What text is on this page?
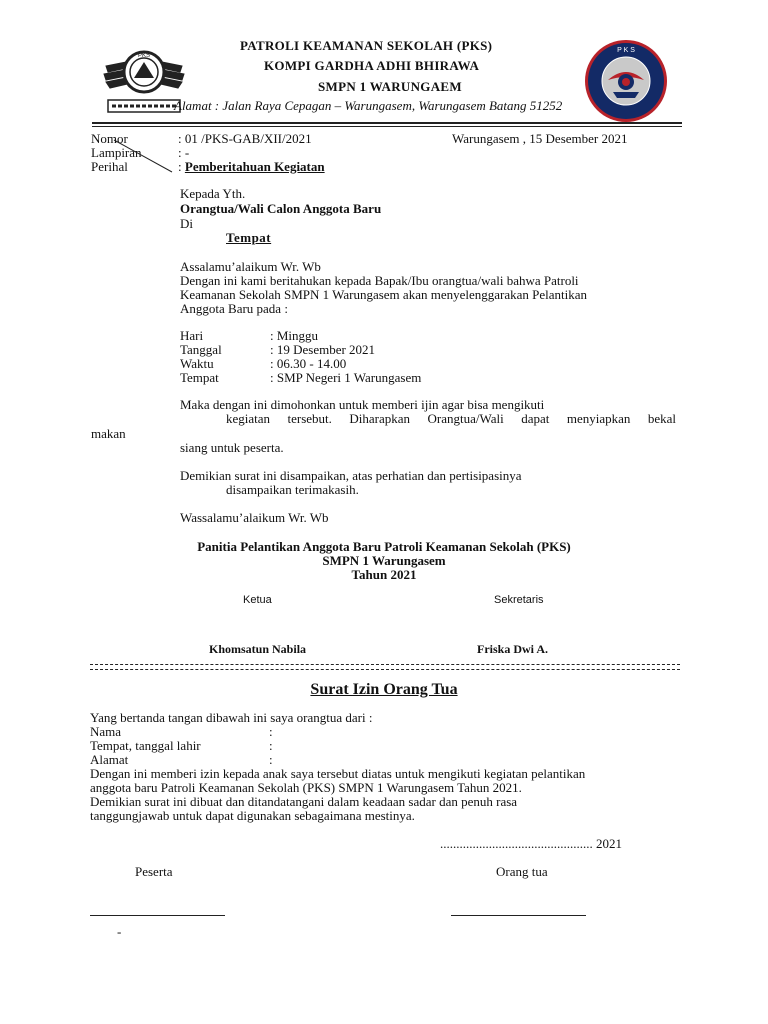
PKS
P K S
PATROLI KEAMANAN SEKOLAH (PKS)
KOMPI GARDHA ADHI BHIRAWA
SMPN 1 WARUNGAEM
Alamat : Jalan Raya Cepagan – Warungasem, Warungasem Batang 51252
Nomor	: 01 /PKS-GAB/XII/2021	Warungasem , 15 Desember 2021
Lampiran	: -
Perihal	: Pemberitahuan Kegiatan
Kepada Yth.
Orangtua/Wali Calon Anggota Baru
Di
Tempat
Assalamu’alaikum Wr. Wb
Dengan ini kami beritahukan kepada Bapak/Ibu orangtua/wali bahwa Patroli
Keamanan Sekolah SMPN 1 Warungasem akan menyelenggarakan Pelantikan
Anggota Baru pada :
Hari	: Minggu
Tanggal	: 19 Desember 2021
Waktu	: 06.30 - 14.00
Tempat	: SMP Negeri 1 Warungasem
Maka dengan ini dimohonkan untuk memberi ijin agar bisa mengikuti
kegiatan tersebut. Diharapkan Orangtua/Wali dapat menyiapkan bekal
makan
siang untuk peserta.
Demikian surat ini disampaikan, atas perhatian dan pertisipasinya
disampaikan terimakasih.
Wassalamu’alaikum Wr. Wb
Panitia Pelantikan Anggota Baru Patroli Keamanan Sekolah (PKS)
SMPN 1 Warungasem
Tahun 2021
Ketua	Sekretaris
Khomsatun Nabila	Friska Dwi A.
Surat Izin Orang Tua
Yang bertanda tangan dibawah ini saya orangtua dari :
Nama	:
Tempat, tanggal lahir	:
Alamat	:
Dengan ini memberi izin kepada anak saya tersebut diatas untuk mengikuti kegiatan pelantikan
anggota baru Patroli Keamanan Sekolah (PKS) SMPN 1 Warungasem Tahun 2021.
Demikian surat ini dibuat dan ditandatangani dalam keadaan sadar dan penuh rasa
tanggungjawab untuk dapat digunakan sebagaimana mestinya.
............................................... 2021
Peserta	Orang tua
-
